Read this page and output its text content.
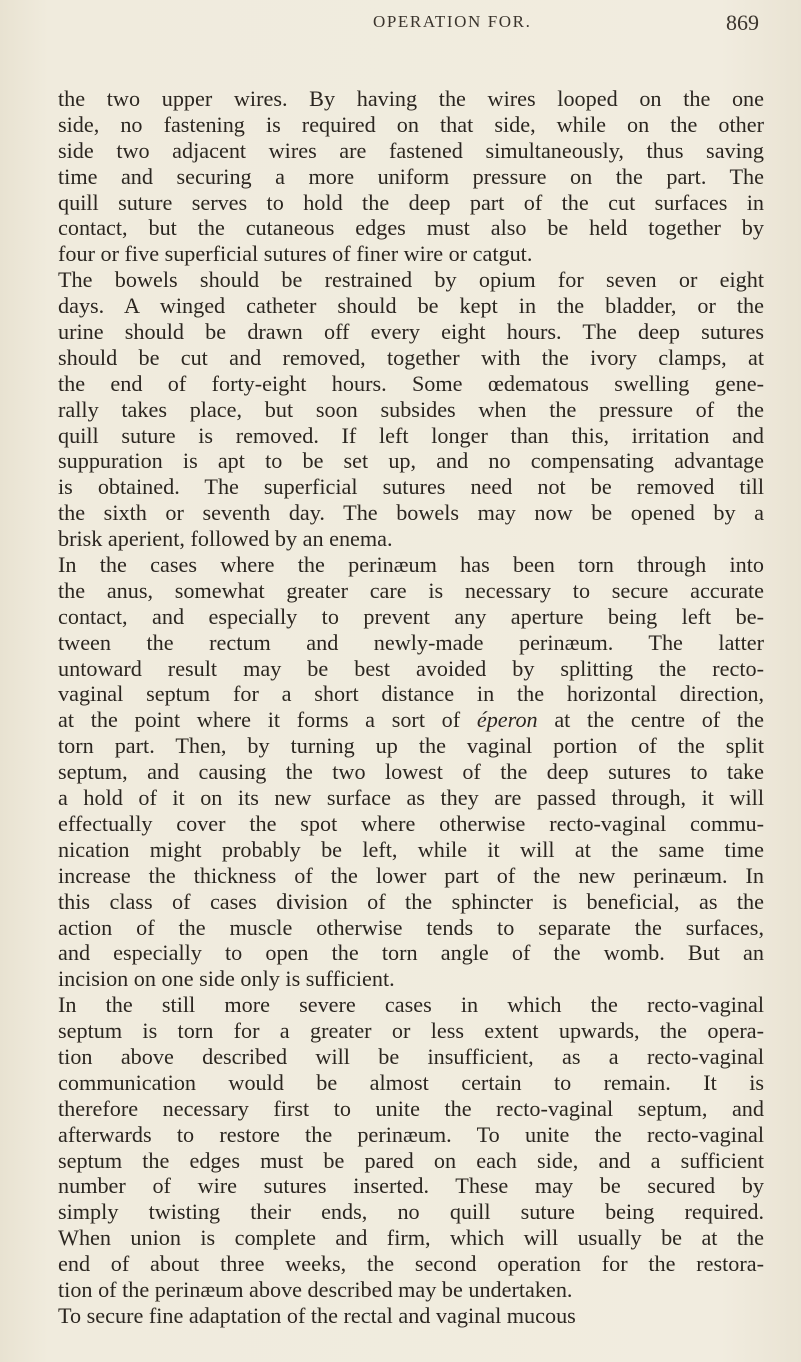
OPERATION FOR.	869
the two upper wires. By having the wires looped on the one
side, no fastening is required on that side, while on the other
side two adjacent wires are fastened simultaneously, thus saving
time and securing a more uniform pressure on the part. The
quill suture serves to hold the deep part of the cut surfaces in
contact, but the cutaneous edges must also be held together by
four or five superficial sutures of finer wire or catgut.
The bowels should be restrained by opium for seven or eight
days. A winged catheter should be kept in the bladder, or the
urine should be drawn off every eight hours. The deep sutures
should be cut and removed, together with the ivory clamps, at
the end of forty-eight hours. Some œdematous swelling gene-
rally takes place, but soon subsides when the pressure of the
quill suture is removed. If left longer than this, irritation and
suppuration is apt to be set up, and no compensating advantage
is obtained. The superficial sutures need not be removed till
the sixth or seventh day. The bowels may now be opened by a
brisk aperient, followed by an enema.
In the cases where the perinæum has been torn through into
the anus, somewhat greater care is necessary to secure accurate
contact, and especially to prevent any aperture being left be-
tween the rectum and newly-made perinæum. The latter
untoward result may be best avoided by splitting the recto-
vaginal septum for a short distance in the horizontal direction,
at the point where it forms a sort of éperon at the centre of the
torn part. Then, by turning up the vaginal portion of the split
septum, and causing the two lowest of the deep sutures to take
a hold of it on its new surface as they are passed through, it will
effectually cover the spot where otherwise recto-vaginal commu-
nication might probably be left, while it will at the same time
increase the thickness of the lower part of the new perinæum. In
this class of cases division of the sphincter is beneficial, as the
action of the muscle otherwise tends to separate the surfaces,
and especially to open the torn angle of the womb. But an
incision on one side only is sufficient.
In the still more severe cases in which the recto-vaginal
septum is torn for a greater or less extent upwards, the opera-
tion above described will be insufficient, as a recto-vaginal
communication would be almost certain to remain. It is
therefore necessary first to unite the recto-vaginal septum, and
afterwards to restore the perinæum. To unite the recto-vaginal
septum the edges must be pared on each side, and a sufficient
number of wire sutures inserted. These may be secured by
simply twisting their ends, no quill suture being required.
When union is complete and firm, which will usually be at the
end of about three weeks, the second operation for the restora-
tion of the perinæum above described may be undertaken.
To secure fine adaptation of the rectal and vaginal mucous
